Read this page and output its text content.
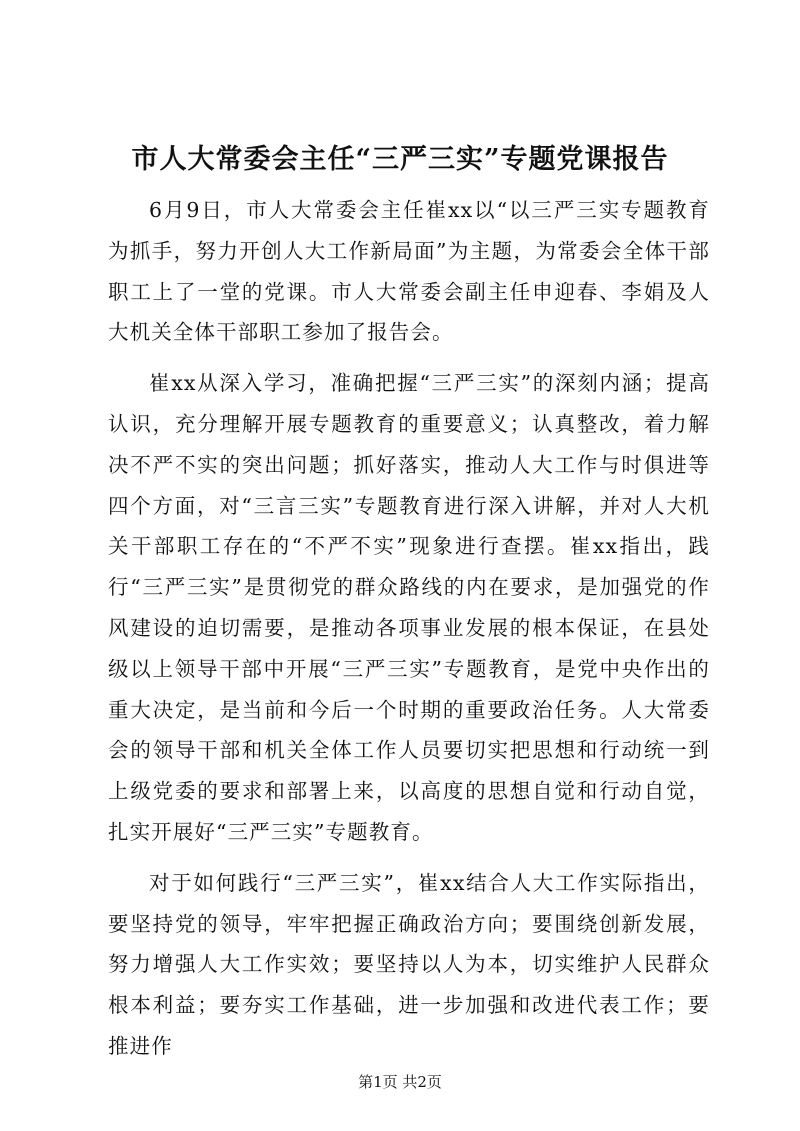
市人大常委会主任“三严三实”专题党课报告

6月9日，市人大常委会主任崔xx以“以三严三实专题教育为抓手，努力开创人大工作新局面”为主题，为常委会全体干部职工上了一堂的党课。市人大常委会副主任申迎春、李娟及人大机关全体干部职工参加了报告会。

崔xx从深入学习，准确把握“三严三实”的深刻内涵；提高认识，充分理解开展专题教育的重要意义；认真整改，着力解决不严不实的突出问题；抓好落实，推动人大工作与时俱进等四个方面，对“三言三实”专题教育进行深入讲解，并对人大机关干部职工存在的“不严不实”现象进行查摆。崔xx指出，践行“三严三实”是贯彻党的群众路线的内在要求，是加强党的作风建设的迫切需要，是推动各项事业发展的根本保证，在县处级以上领导干部中开展“三严三实”专题教育，是党中央作出的重大决定，是当前和今后一个时期的重要政治任务。人大常委会的领导干部和机关全体工作人员要切实把思想和行动统一到上级党委的要求和部署上来，以高度的思想自觉和行动自觉，扎实开展好“三严三实”专题教育。

对于如何践行“三严三实”，崔xx结合人大工作实际指出，要坚持党的领导，牢牢把握正确政治方向；要围绕创新发展，努力增强人大工作实效；要坚持以人为本，切实维护人民群众根本利益；要夯实工作基础，进一步加强和改进代表工作；要推进作

第1页 共2页
